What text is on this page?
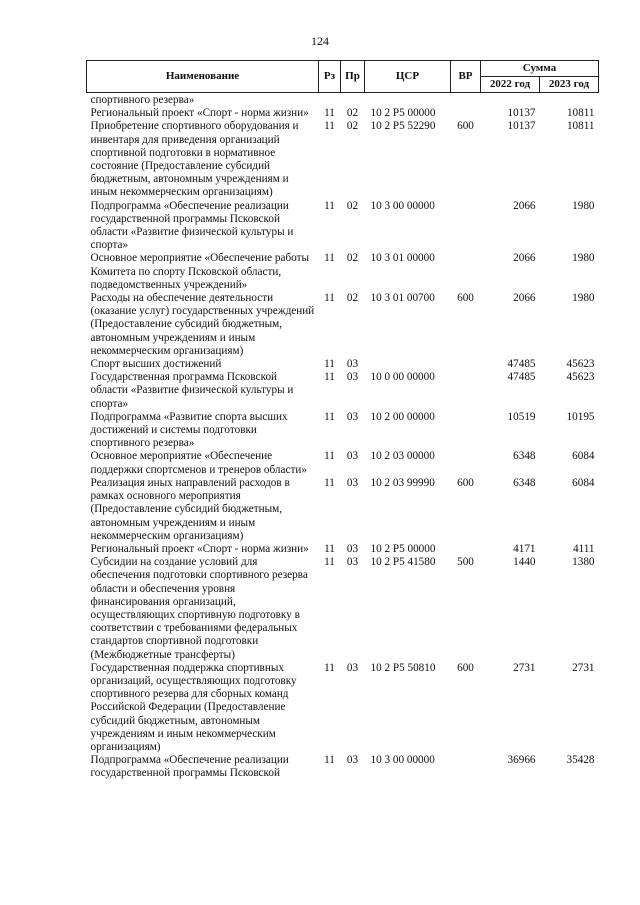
124
Наименование	Рз	Пр	ЦСР	ВР	Сумма	
					2022 год	2023 год
спортивного резерва»						
Региональный проект «Спорт - норма жизни»	11	02	10 2 P5 00000		10137	10811
Приобретение спортивного оборудования и инвентаря для приведения организаций спортивной подготовки в нормативное состояние (Предоставление субсидий бюджетным, автономным учреждениям и иным некоммерческим организациям)	11	02	10 2 P5 52290	600	10137	10811
Подпрограмма «Обеспечение реализации государственной программы Псковской области «Развитие физической культуры и спорта»	11	02	10 3 00 00000		2066	1980
Основное мероприятие «Обеспечение работы Комитета по спорту Псковской области, подведомственных учреждений»	11	02	10 3 01 00000		2066	1980
Расходы на обеспечение деятельности (оказание услуг) государственных учреждений (Предоставление субсидий бюджетным, автономным учреждениям и иным некоммерческим организациям)	11	02	10 3 01 00700	600	2066	1980
Спорт высших достижений	11	03			47485	45623
Государственная программа Псковской области «Развитие физической культуры и спорта»	11	03	10 0 00 00000		47485	45623
Подпрограмма «Развитие спорта высших достижений и системы подготовки спортивного резерва»	11	03	10 2 00 00000		10519	10195
Основное мероприятие «Обеспечение поддержки спортсменов и тренеров области»	11	03	10 2 03 00000		6348	6084
Реализация иных направлений расходов в рамках основного мероприятия (Предоставление субсидий бюджетным, автономным учреждениям и иным некоммерческим организациям)	11	03	10 2 03 99990	600	6348	6084
Региональный проект «Спорт - норма жизни»	11	03	10 2 P5 00000		4171	4111
Субсидии на создание условий для обеспечения подготовки спортивного резерва области и обеспечения уровня финансирования организаций, осуществляющих спортивную подготовку в соответствии с требованиями федеральных стандартов спортивной подготовки (Межбюджетные трансферты)	11	03	10 2 P5 41580	500	1440	1380
Государственная поддержка спортивных организаций, осуществляющих подготовку спортивного резерва для сборных команд Российской Федерации (Предоставление субсидий бюджетным, автономным учреждениям и иным некоммерческим организациям)	11	03	10 2 P5 50810	600	2731	2731
Подпрограмма «Обеспечение реализации государственной программы Псковской	11	03	10 3 00 00000		36966	35428
